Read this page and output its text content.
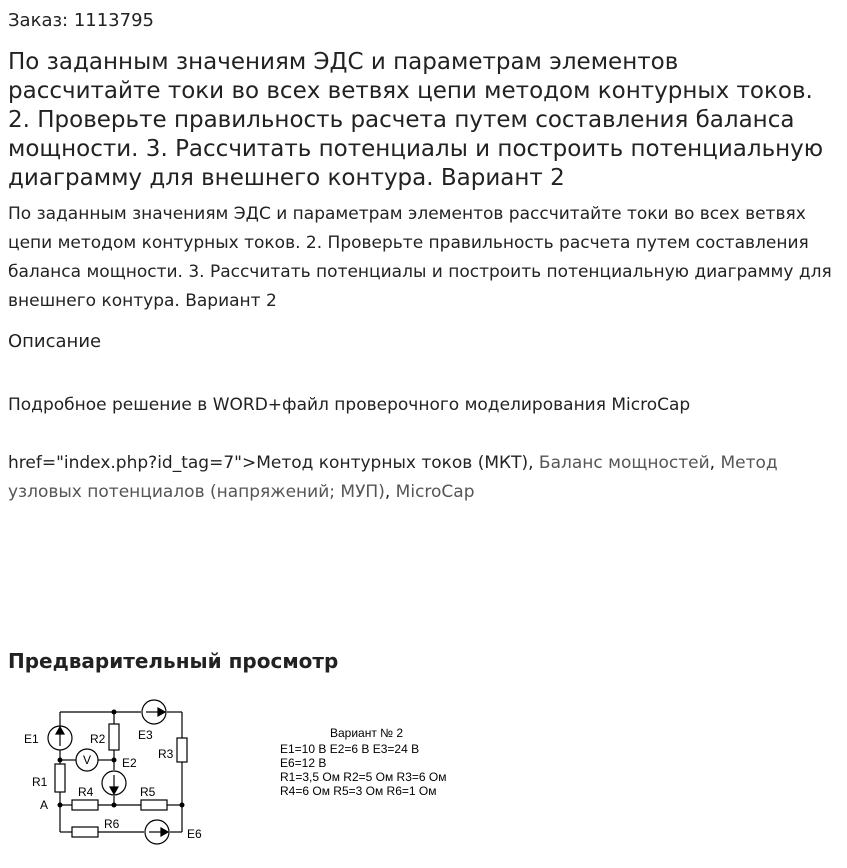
Заказ: 1113795
По заданным значениям ЭДС и параметрам элементов рассчитайте токи во всех ветвях цепи методом контурных токов. 2. Проверьте правильность расчета путем составления баланса мощности. 3. Рассчитать потенциалы и построить потенциальную диаграмму для внешнего контура. Вариант 2

По заданным значениям ЭДС и параметрам элементов рассчитайте токи во всех ветвях цепи методом контурных токов. 2. Проверьте правильность расчета путем составления баланса мощности. 3. Рассчитать потенциалы и построить потенциальную диаграмму для внешнего контура. Вариант 2

Описание
Подробное решение в WORD+файл проверочного моделирования MicroCap
href="index.php?id_tag=7">Метод контурных токов (МКТ), Баланс мощностей, Метод узловых потенциалов (напряжений; МУП), MicroCap
Предварительный просмотр
E1	R2	E3
R3
V	E2
R1
R4	R5
A
R6
E6
Вариант № 2
E1=10 В E2=6 В E3=24 В
E6=12 В
R1=3,5 Ом R2=5 Ом R3=6 Ом
R4=6 Ом R5=3 Ом R6=1 Ом
